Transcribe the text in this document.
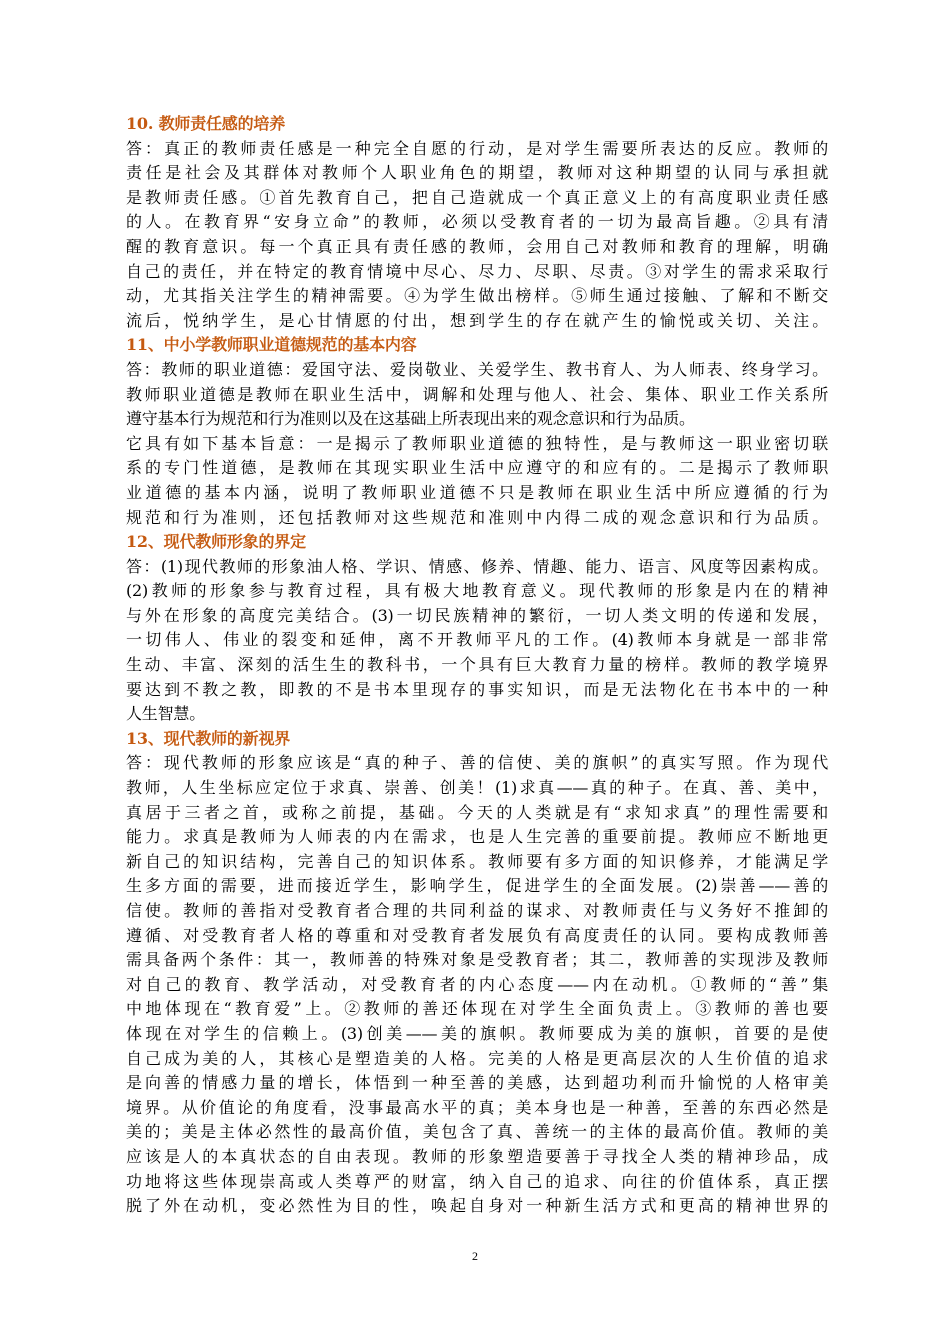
10. 教师责任感的培养
答：真正的教师责任感是一种完全自愿的行动，是对学生需要所表达的反应。教师的
责任是社会及其群体对教师个人职业角色的期望，教师对这种期望的认同与承担就
是教师责任感。①首先教育自己，把自己造就成一个真正意义上的有高度职业责任感
的人。在教育界“安身立命”的教师，必须以受教育者的一切为最高旨趣。②具有清
醒的教育意识。每一个真正具有责任感的教师，会用自己对教师和教育的理解，明确
自己的责任，并在特定的教育情境中尽心、尽力、尽职、尽责。③对学生的需求采取行
动，尤其指关注学生的精神需要。④为学生做出榜样。⑤师生通过接触、了解和不断交
流后，悦纳学生，是心甘情愿的付出，想到学生的存在就产生的愉悦或关切、关注。
11、中小学教师职业道德规范的基本内容
答：教师的职业道德：爱国守法、爱岗敬业、关爱学生、教书育人、为人师表、终身学习。
教师职业道德是教师在职业生活中，调解和处理与他人、社会、集体、职业工作关系所
遵守基本行为规范和行为准则以及在这基础上所表现出来的观念意识和行为品质。
它具有如下基本旨意：一是揭示了教师职业道德的独特性，是与教师这一职业密切联
系的专门性道德，是教师在其现实职业生活中应遵守的和应有的。二是揭示了教师职
业道德的基本内涵，说明了教师职业道德不只是教师在职业生活中所应遵循的行为
规范和行为准则，还包括教师对这些规范和准则中内得二成的观念意识和行为品质。
12、现代教师形象的界定
答：(1)现代教师的形象油人格、学识、情感、修养、情趣、能力、语言、风度等因素构成。
(2)教师的形象参与教育过程，具有极大地教育意义。现代教师的形象是内在的精神
与外在形象的高度完美结合。(3)一切民族精神的繁衍，一切人类文明的传递和发展，
一切伟人、伟业的裂变和延伸，离不开教师平凡的工作。(4)教师本身就是一部非常
生动、丰富、深刻的活生生的教科书，一个具有巨大教育力量的榜样。教师的教学境界
要达到不教之教，即教的不是书本里现存的事实知识，而是无法物化在书本中的一种
人生智慧。
13、现代教师的新视界
答：现代教师的形象应该是“真的种子、善的信使、美的旗帜”的真实写照。作为现代
教师，人生坐标应定位于求真、崇善、创美！(1)求真——真的种子。在真、善、美中，
真居于三者之首，或称之前提，基础。今天的人类就是有“求知求真”的理性需要和
能力。求真是教师为人师表的内在需求，也是人生完善的重要前提。教师应不断地更
新自己的知识结构，完善自己的知识体系。教师要有多方面的知识修养，才能满足学
生多方面的需要，进而接近学生，影响学生，促进学生的全面发展。(2)崇善——善的
信使。教师的善指对受教育者合理的共同利益的谋求、对教师责任与义务好不推卸的
遵循、对受教育者人格的尊重和对受教育者发展负有高度责任的认同。要构成教师善
需具备两个条件：其一，教师善的特殊对象是受教育者；其二，教师善的实现涉及教师
对自己的教育、教学活动，对受教育者的内心态度——内在动机。①教师的“善”集
中地体现在“教育爱”上。②教师的善还体现在对学生全面负责上。③教师的善也要
体现在对学生的信赖上。(3)创美——美的旗帜。教师要成为美的旗帜，首要的是使
自己成为美的人，其核心是塑造美的人格。完美的人格是更高层次的人生价值的追求
是向善的情感力量的增长，体悟到一种至善的美感，达到超功利而升愉悦的人格审美
境界。从价值论的角度看，没事最高水平的真；美本身也是一种善，至善的东西必然是
美的；美是主体必然性的最高价值，美包含了真、善统一的主体的最高价值。教师的美
应该是人的本真状态的自由表现。教师的形象塑造要善于寻找全人类的精神珍品，成
功地将这些体现崇高或人类尊严的财富，纳入自己的追求、向往的价值体系，真正摆
脱了外在动机，变必然性为目的性，唤起自身对一种新生活方式和更高的精神世界的
2
